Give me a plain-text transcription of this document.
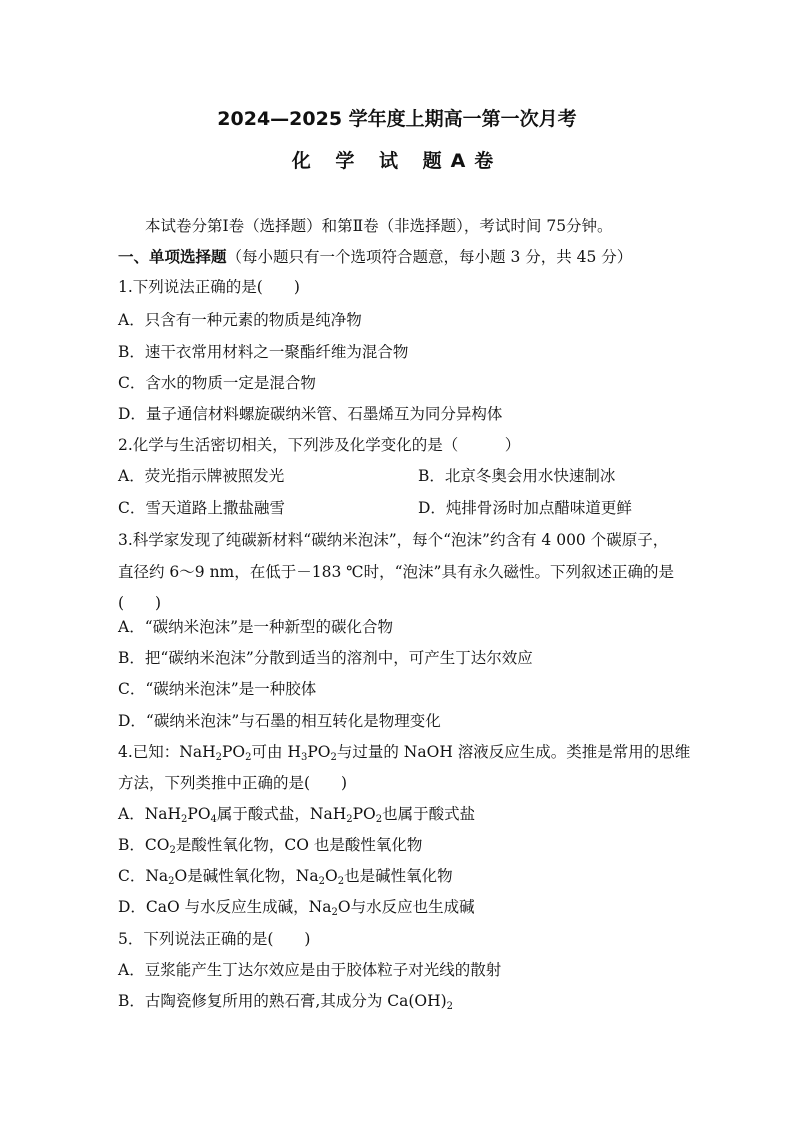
2024—2025 学年度上期高一第一次月考
化 学 试 题A卷
本试卷分第Ⅰ卷（选择题）和第Ⅱ卷（非选择题），考试时间 75分钟。
一、单项选择题（每小题只有一个选项符合题意，每小题 3 分，共 45 分）
1.下列说法正确的是(　　)
A．只含有一种元素的物质是纯净物
B．速干衣常用材料之一聚酯纤维为混合物
C．含水的物质一定是混合物
D．量子通信材料螺旋碳纳米管、石墨烯互为同分异构体
2.化学与生活密切相关，下列涉及化学变化的是（　　　）
A．荧光指示牌被照发光	B．北京冬奥会用水快速制冰
C．雪天道路上撒盐融雪	D．炖排骨汤时加点醋味道更鲜
3.科学家发现了纯碳新材料“碳纳米泡沫”，每个“泡沫”约含有 4 000 个碳原子，
直径约 6～9 nm，在低于－183 ℃时，“泡沫”具有永久磁性。下列叙述正确的是
(　　)
A．“碳纳米泡沫”是一种新型的碳化合物
B．把“碳纳米泡沫”分散到适当的溶剂中，可产生丁达尔效应
C．“碳纳米泡沫”是一种胶体
D．“碳纳米泡沫”与石墨的相互转化是物理变化
4.已知：$NaH_2PO_2$可由 $H_3PO_2$与过量的 NaOH 溶液反应生成。类推是常用的思维
方法，下列类推中正确的是(　　)
A．$NaH_2PO_4$属于酸式盐，$NaH_2PO_2$也属于酸式盐
B．$CO_2$是酸性氧化物，CO 也是酸性氧化物
C．$Na_2O$是碱性氧化物，$Na_2O_2$也是碱性氧化物
D．CaO 与水反应生成碱，$Na_2O$与水反应也生成碱
5．下列说法正确的是(　　)
A．豆浆能产生丁达尔效应是由于胶体粒子对光线的散射
B．古陶瓷修复所用的熟石膏,其成分为 $Ca(OH)_2$
